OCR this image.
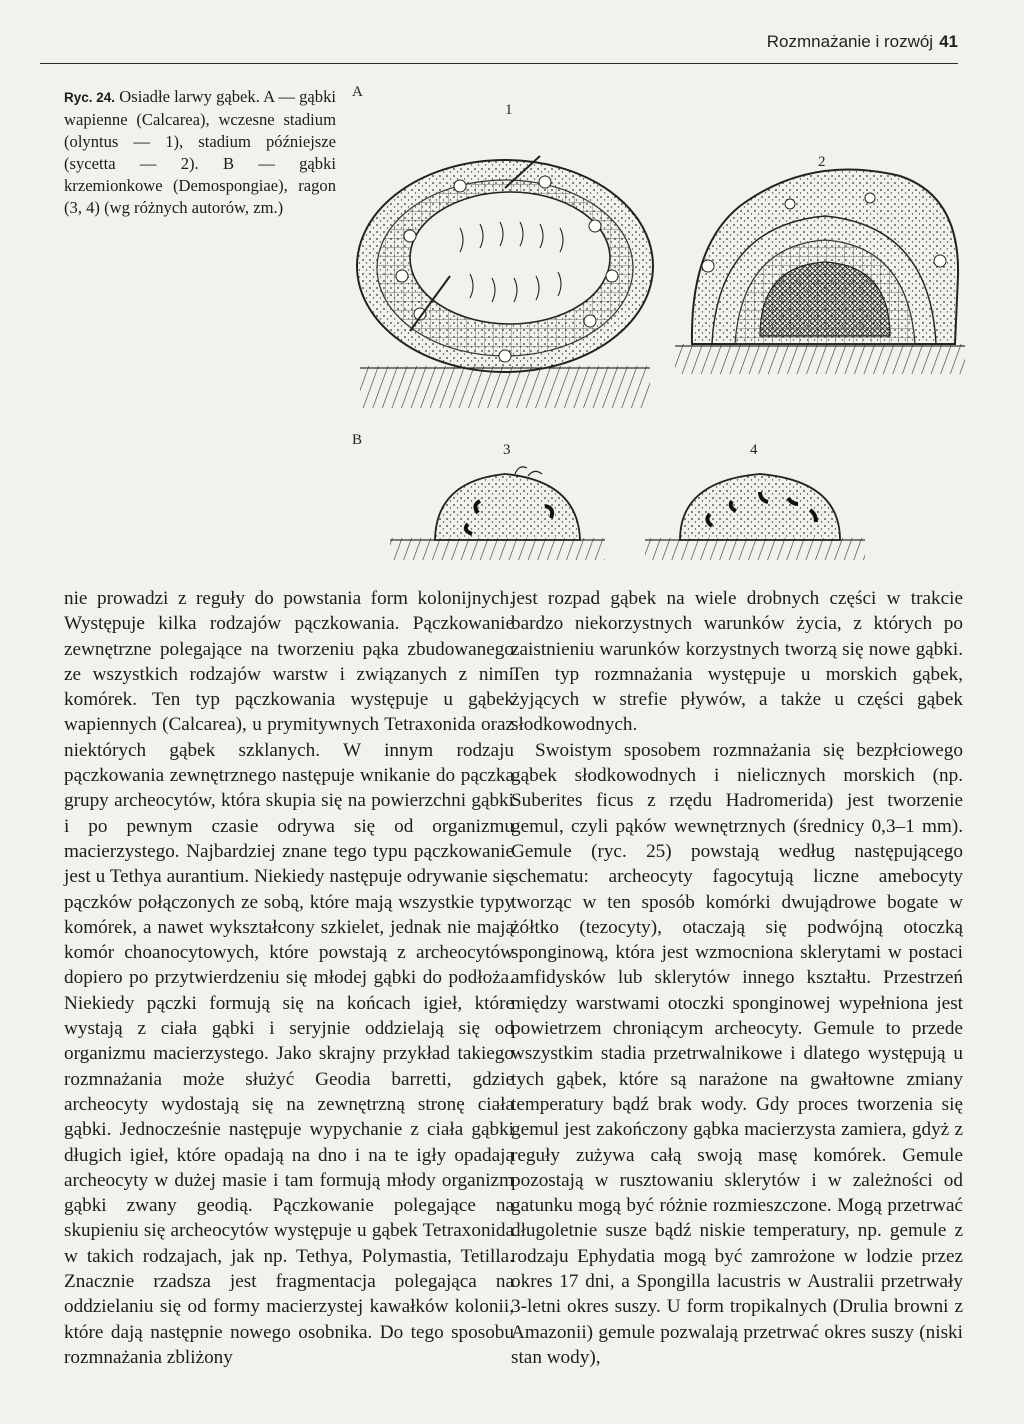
Rozmnażanie i rozwój 41
Ryc. 24. Osiadłe larwy gąbek. A — gąbki wapienne (Calcarea), wczesne stadium (olyntus — 1), stadium późniejsze (sycetta — 2). B — gąbki krzemionkowe (Demospongiae), ragon (3, 4) (wg różnych autorów, zm.)
A
1
2
B
3	4

nie prowadzi z reguły do powstania form kolonijnych. Występuje kilka rodzajów pączkowania. Pączkowanie zewnętrzne polegające na tworzeniu pąka zbudowanego ze wszystkich rodzajów warstw i związanych z nimi komórek. Ten typ pączkowania występuje u gąbek wapiennych (Calcarea), u prymitywnych Tetraxonida oraz niektórych gąbek szklanych. W innym rodzaju pączkowania zewnętrznego następuje wnikanie do pączka grupy archeocytów, która skupia się na powierzchni gąbki i po pewnym czasie odrywa się od organizmu macierzystego. Najbardziej znane tego typu pączkowanie jest u Tethya aurantium. Niekiedy następuje odrywanie się pączków połączonych ze sobą, które mają wszystkie typy komórek, a nawet wykształcony szkielet, jednak nie mają komór choanocytowych, które powstają z archeocytów dopiero po przytwierdzeniu się młodej gąbki do podłoża. Niekiedy pączki formują się na końcach igieł, które wystają z ciała gąbki i seryjnie oddzielają się od organizmu macierzystego. Jako skrajny przykład takiego rozmnażania może służyć Geodia barretti, gdzie archeocyty wydostają się na zewnętrzną stronę ciała gąbki. Jednocześnie następuje wypychanie z ciała gąbki długich igieł, które opadają na dno i na te igły opadają archeocyty w dużej masie i tam formują młody organizm gąbki zwany geodią. Pączkowanie polegające na skupieniu się archeocytów występuje u gąbek Tetraxonida w takich rodzajach, jak np. Tethya, Polymastia, Tetilla. Znacznie rzadsza jest fragmentacja polegająca na oddzielaniu się od formy macierzystej kawałków kolonii, które dają następnie nowego osobnika. Do tego sposobu rozmnażania zbliżony

jest rozpad gąbek na wiele drobnych części w trakcie bardzo niekorzystnych warunków życia, z których po zaistnieniu warunków korzystnych tworzą się nowe gąbki. Ten typ rozmnażania występuje u morskich gąbek, żyjących w strefie pływów, a także u części gąbek słodkowodnych.

Swoistym sposobem rozmnażania się bezpłciowego gąbek słodkowodnych i nielicznych morskich (np. Suberites ficus z rzędu Hadromerida) jest tworzenie gemul, czyli pąków wewnętrznych (średnicy 0,3–1 mm). Gemule (ryc. 25) powstają według następującego schematu: archeocyty fagocytują liczne amebocyty tworząc w ten sposób komórki dwujądrowe bogate w żółtko (tezocyty), otaczają się podwójną otoczką sponginową, która jest wzmocniona sklerytami w postaci amfidysków lub sklerytów innego kształtu. Przestrzeń między warstwami otoczki sponginowej wypełniona jest powietrzem chroniącym archeocyty. Gemule to przede wszystkim stadia przetrwalnikowe i dlatego występują u tych gąbek, które są narażone na gwałtowne zmiany temperatury bądź brak wody. Gdy proces tworzenia się gemul jest zakończony gąbka macierzysta zamiera, gdyż z reguły zużywa całą swoją masę komórek. Gemule pozostają w rusztowaniu sklerytów i w zależności od gatunku mogą być różnie rozmieszczone. Mogą przetrwać długoletnie susze bądź niskie temperatury, np. gemule z rodzaju Ephydatia mogą być zamrożone w lodzie przez okres 17 dni, a Spongilla lacustris w Australii przetrwały 3-letni okres suszy. U form tropikalnych (Drulia browni z Amazonii) gemule pozwalają przetrwać okres suszy (niski stan wody),
